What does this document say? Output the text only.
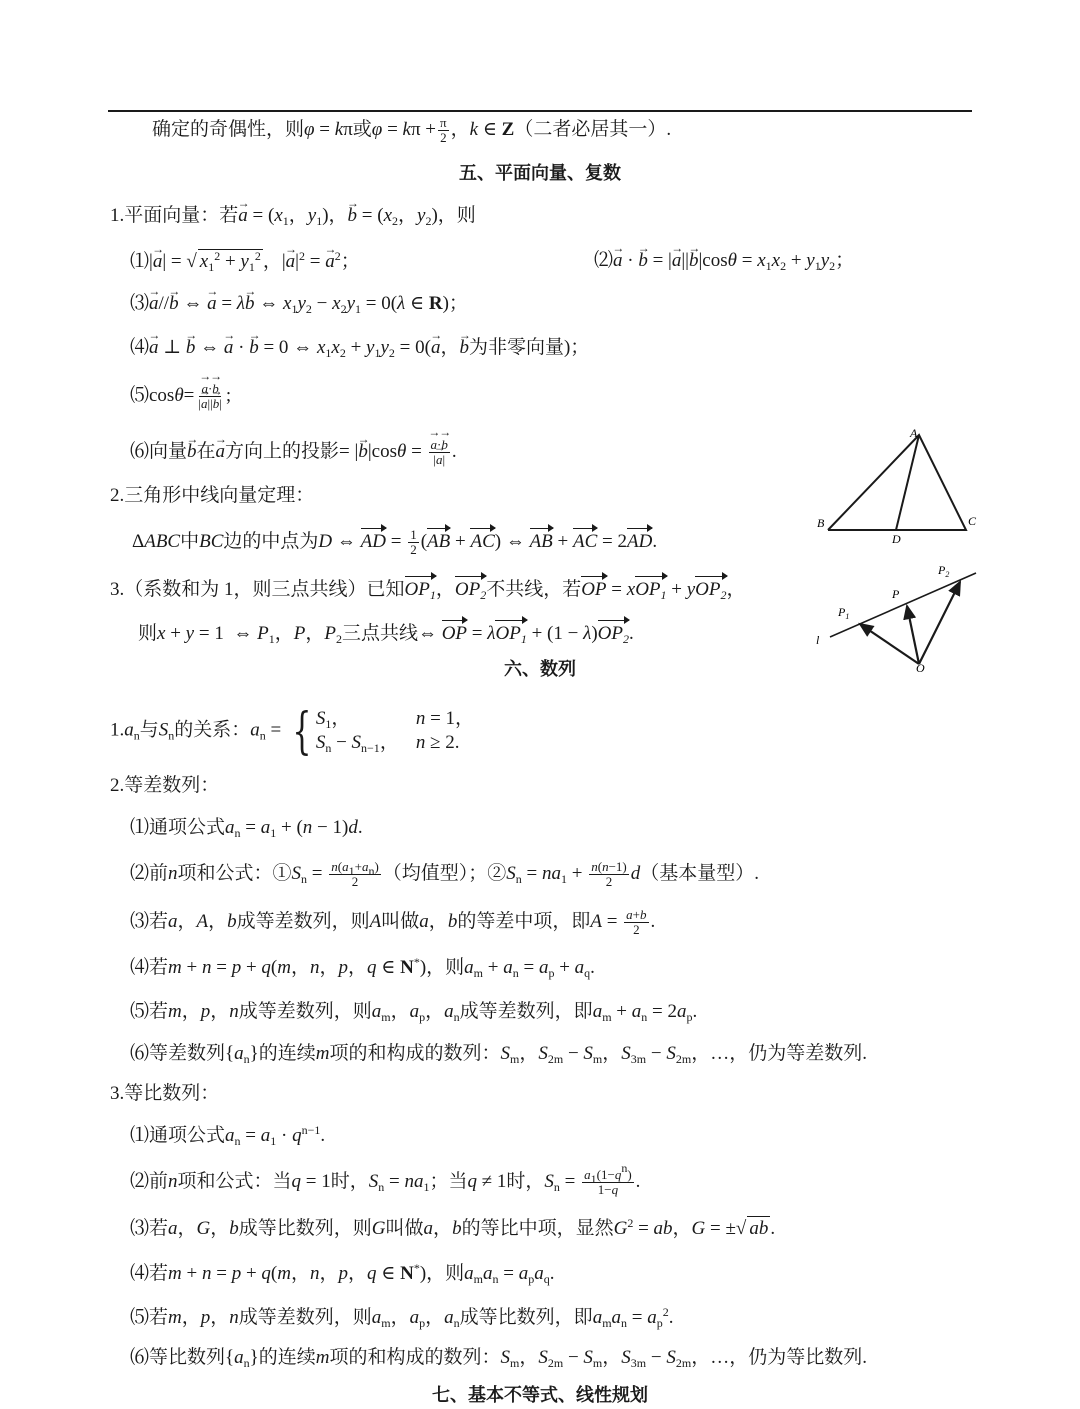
确定的奇偶性，则φ = kπ或$\varphi = k\pi + \frac{\pi}{2}$ ，k ∈ Z（二者必居其一）.
五、平面向量、复数
1.平面向量：若→ $a = (x_1$，$y_1$)，→ $b = (x_2$，$y_2$)，则
⑴|→ a| = √ $x_1^2 + y_1^2$ ，|→ $a|^2$ = → $a^2$；	⑵→ a · → b = |→ $a||\to b|\cos\theta = x_1x_2 + y_1y_2$；
⑶→ a//→ b ⇔ → a = λ→ b ⇔ $x_1y_2 - x_2y_1 = 0(\lambda$ ∈ R)；
⑷→ a ⊥ → b ⇔ → a · → b = 0 ⇔ $x_1x_2 + y_1y_2 = 0(\to a$，→ b为非零向量)；
⑸cosθ= → $\frac{a\cdot\to b}{|\to a||\to b|}$ ;
⑹向量→ b在→ a方向上的投影= |→ b|cosθ = → $\frac{a\cdot\to b}{|\to a|}$ .
2.三角形中线向量定理：
ΔABC中BC边的中点为D ⇔ AD = $\frac{1}{2} (AB + AC)$ ⇔ AB + AC = 2AD.
3.（系数和为 1，则三点共线）已知$OP_1$，$OP_2$不共线，若OP = xOP$_1$ + yOP$_2$，
则x + y = 1  ⇔ $P_1$，P，$P_2$三点共线⇔ OP = $\lambda OP_1 + (1 - \lambda)OP_2$.
A
B	C
D
$P_2$
P
$P_1$
l
O
六、数列
$1.a_n$与$S_n$的关系：$a_n$ = { $S_1$，	n = 1，
$S_n - S_{n-1}$， n ≥ 2.
2.等差数列：
⑴通项公式$a_n = a_1 + (n - 1)d$.
⑵前n项和公式：$①S_n = \frac{n(a_1+a_n)}{2}$ （均值型）；$②S_n = na_1 + \frac{n(n-1)}{2} d$（基本量型）.
⑶若a，A，b成等差数列，则A叫做a，b的等差中项，即$A = \frac{a+b}{2}$ .
⑷若m + n = p + q(m，n，p，q ∈ N*)，则$a_m + a_n = a_p + a_q$.
⑸若m，p，n成等差数列，则$a_m$，$a_p$，$a_n$成等差数列，即$a_m + a_n = 2a_p$.
⑹等差数列$\{a_n\}$的连续m项的和构成的数列：$S_m$，$S_{2m} - S_m$，$S_{3m} - S_{2m}$，…，仍为等差数列.
3.等比数列：
⑴通项公式$a_n = a_1 \cdot q^{n-1}$.
⑵前n项和公式：当q = 1时，$S_n = na_1$；当q ≠ 1时，$S_n = \frac{a_1(1-q^n)}{1-q}$ .
⑶若a，G，b成等比数列，则G叫做a，b的等比中项，显然$G^2$ = ab，G = ±√ ab .
⑷若m + n = p + q(m，n，p，q ∈ N*)，则$a_ma_n = a_pa_q$.
⑸若m，p，n成等差数列，则$a_m$，$a_p$，$a_n$成等比数列，即$a_ma_n = a_p^2$.
⑹等比数列$\{a_n\}$的连续m项的和构成的数列：$S_m$，$S_{2m} - S_m$，$S_{3m} - S_{2m}$，…，仍为等比数列.
七、基本不等式、线性规划
